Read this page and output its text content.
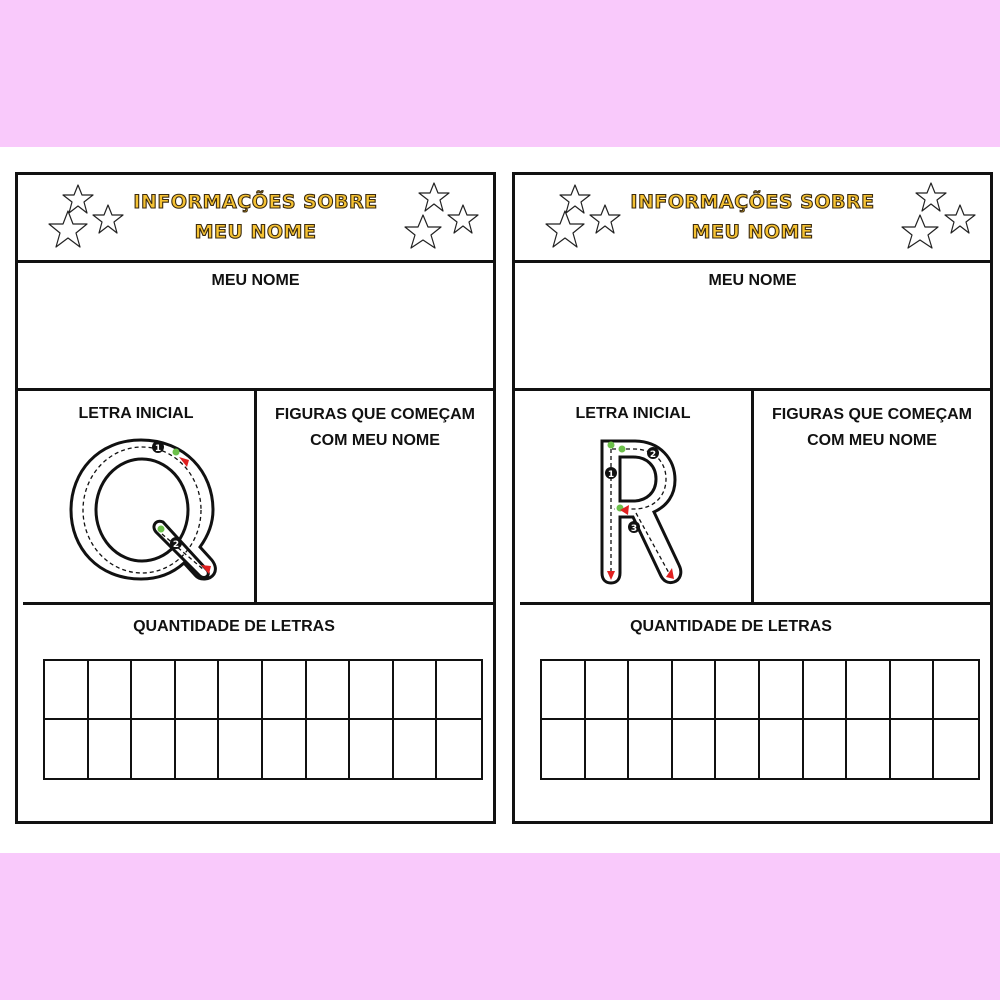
INFORMAÇÕES SOBRE
MEU NOME
MEU NOME
LETRA INICIAL	FIGURAS QUE COMEÇAM
COM MEU NOME
1
2
QUANTIDADE DE LETRAS
INFORMAÇÕES SOBRE
MEU NOME
MEU NOME
LETRA INICIAL	FIGURAS QUE COMEÇAM
COM MEU NOME
1
2
3
QUANTIDADE DE LETRAS
